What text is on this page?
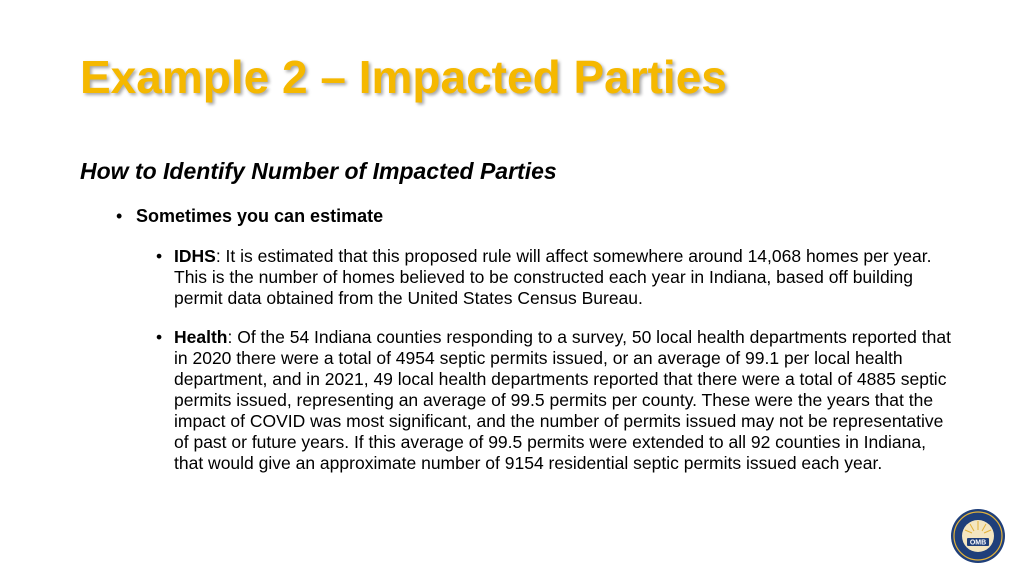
Example 2 – Impacted Parties
How to Identify Number of Impacted Parties
• Sometimes you can estimate
• IDHS: It is estimated that this proposed rule will affect somewhere around 14,068 homes per year. This is the number of homes believed to be constructed each year in Indiana, based off building permit data obtained from the United States Census Bureau.
• Health: Of the 54 Indiana counties responding to a survey, 50 local health departments reported that in 2020 there were a total of 4954 septic permits issued, or an average of 99.1 per local health department, and in 2021, 49 local health departments reported that there were a total of 4885 septic permits issued, representing an average of 99.5 permits per county. These were the years that the impact of COVID was most significant, and the number of permits issued may not be representative of past or future years. If this average of 99.5 permits were extended to all 92 counties in Indiana, that would give an approximate number of 9154 residential septic permits issued each year.
OMB
